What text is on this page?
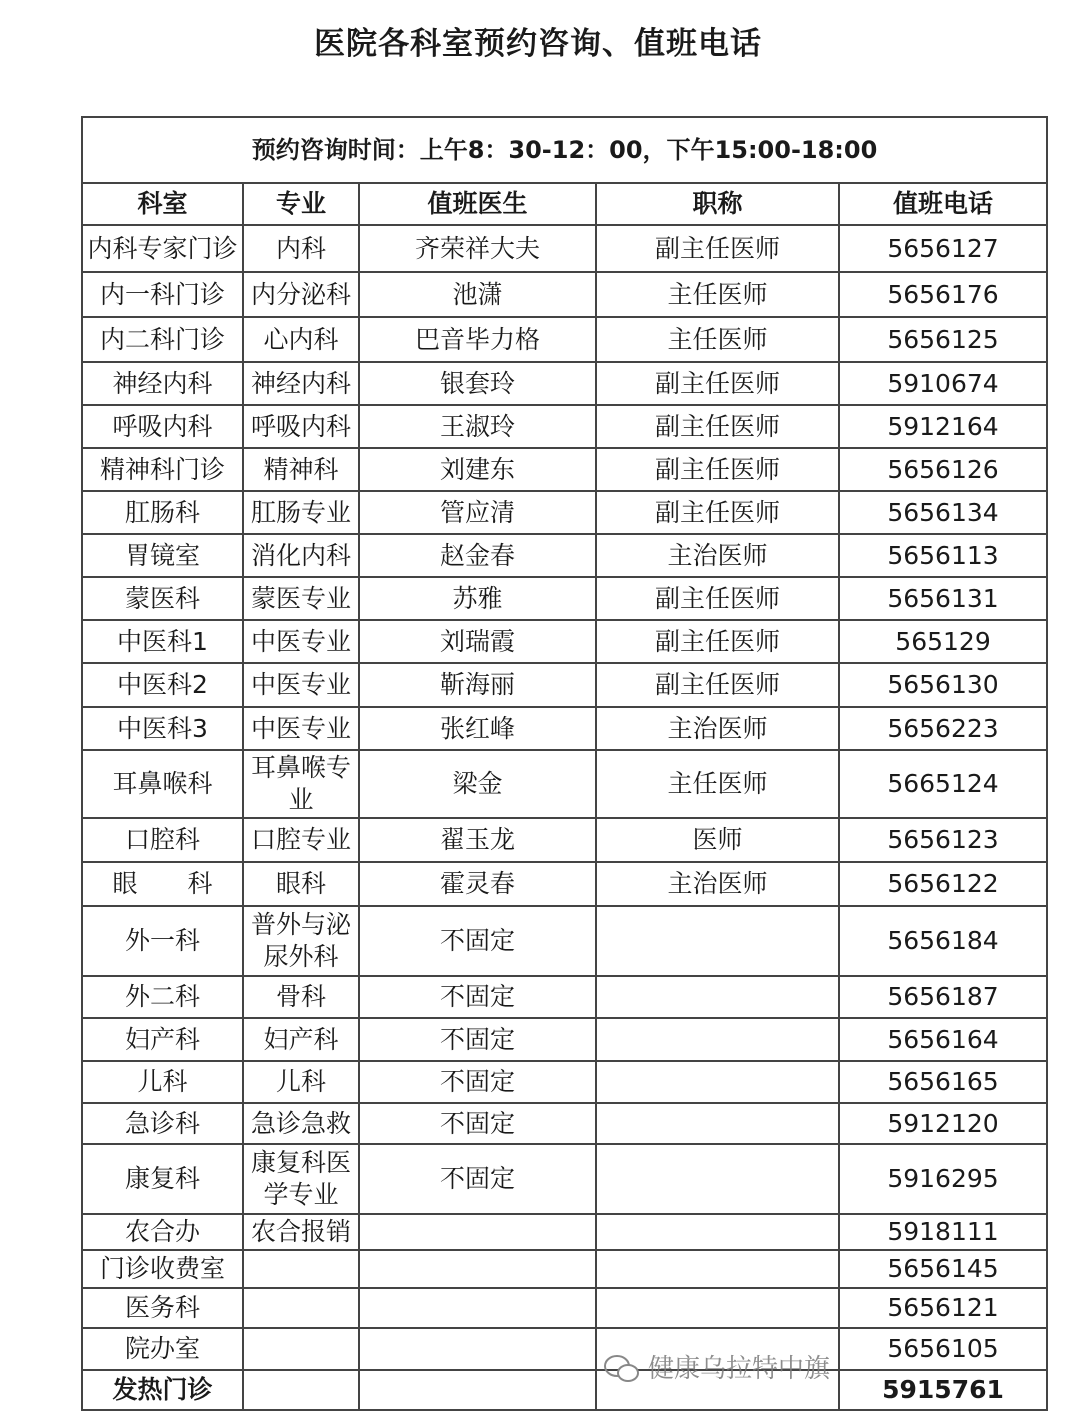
医院各科室预约咨询、值班电话
预约咨询时间：上午8：30-12：00，下午15:00-18:00				
科室	专业	值班医生	职称	值班电话
内科专家门诊	内科	齐荣祥大夫	副主任医师	5656127
内一科门诊	内分泌科	池潇	主任医师	5656176
内二科门诊	心内科	巴音毕力格	主任医师	5656125
神经内科	神经内科	银套玲	副主任医师	5910674
呼吸内科	呼吸内科	王淑玲	副主任医师	5912164
精神科门诊	精神科	刘建东	副主任医师	5656126
肛肠科	肛肠专业	管应清	副主任医师	5656134
胃镜室	消化内科	赵金春	主治医师	5656113
蒙医科	蒙医专业	苏雅	副主任医师	5656131
中医科1	中医专业	刘瑞霞	副主任医师	565129
中医科2	中医专业	靳海丽	副主任医师	5656130
中医科3	中医专业	张红峰	主治医师	5656223
耳鼻喉科	耳鼻喉专业	梁金	主任医师	5665124
口腔科	口腔专业	翟玉龙	医师	5656123
眼　　科	眼科	霍灵春	主治医师	5656122
外一科	普外与泌尿外科	不固定		5656184
外二科	骨科	不固定		5656187
妇产科	妇产科	不固定		5656164
儿科	儿科	不固定		5656165
急诊科	急诊急救	不固定		5912120
康复科	康复科医学专业	不固定		5916295
农合办	农合报销			5918111
门诊收费室				5656145
医务科				5656121
院办室				5656105
发热门诊				5915761
健康乌拉特中旗
